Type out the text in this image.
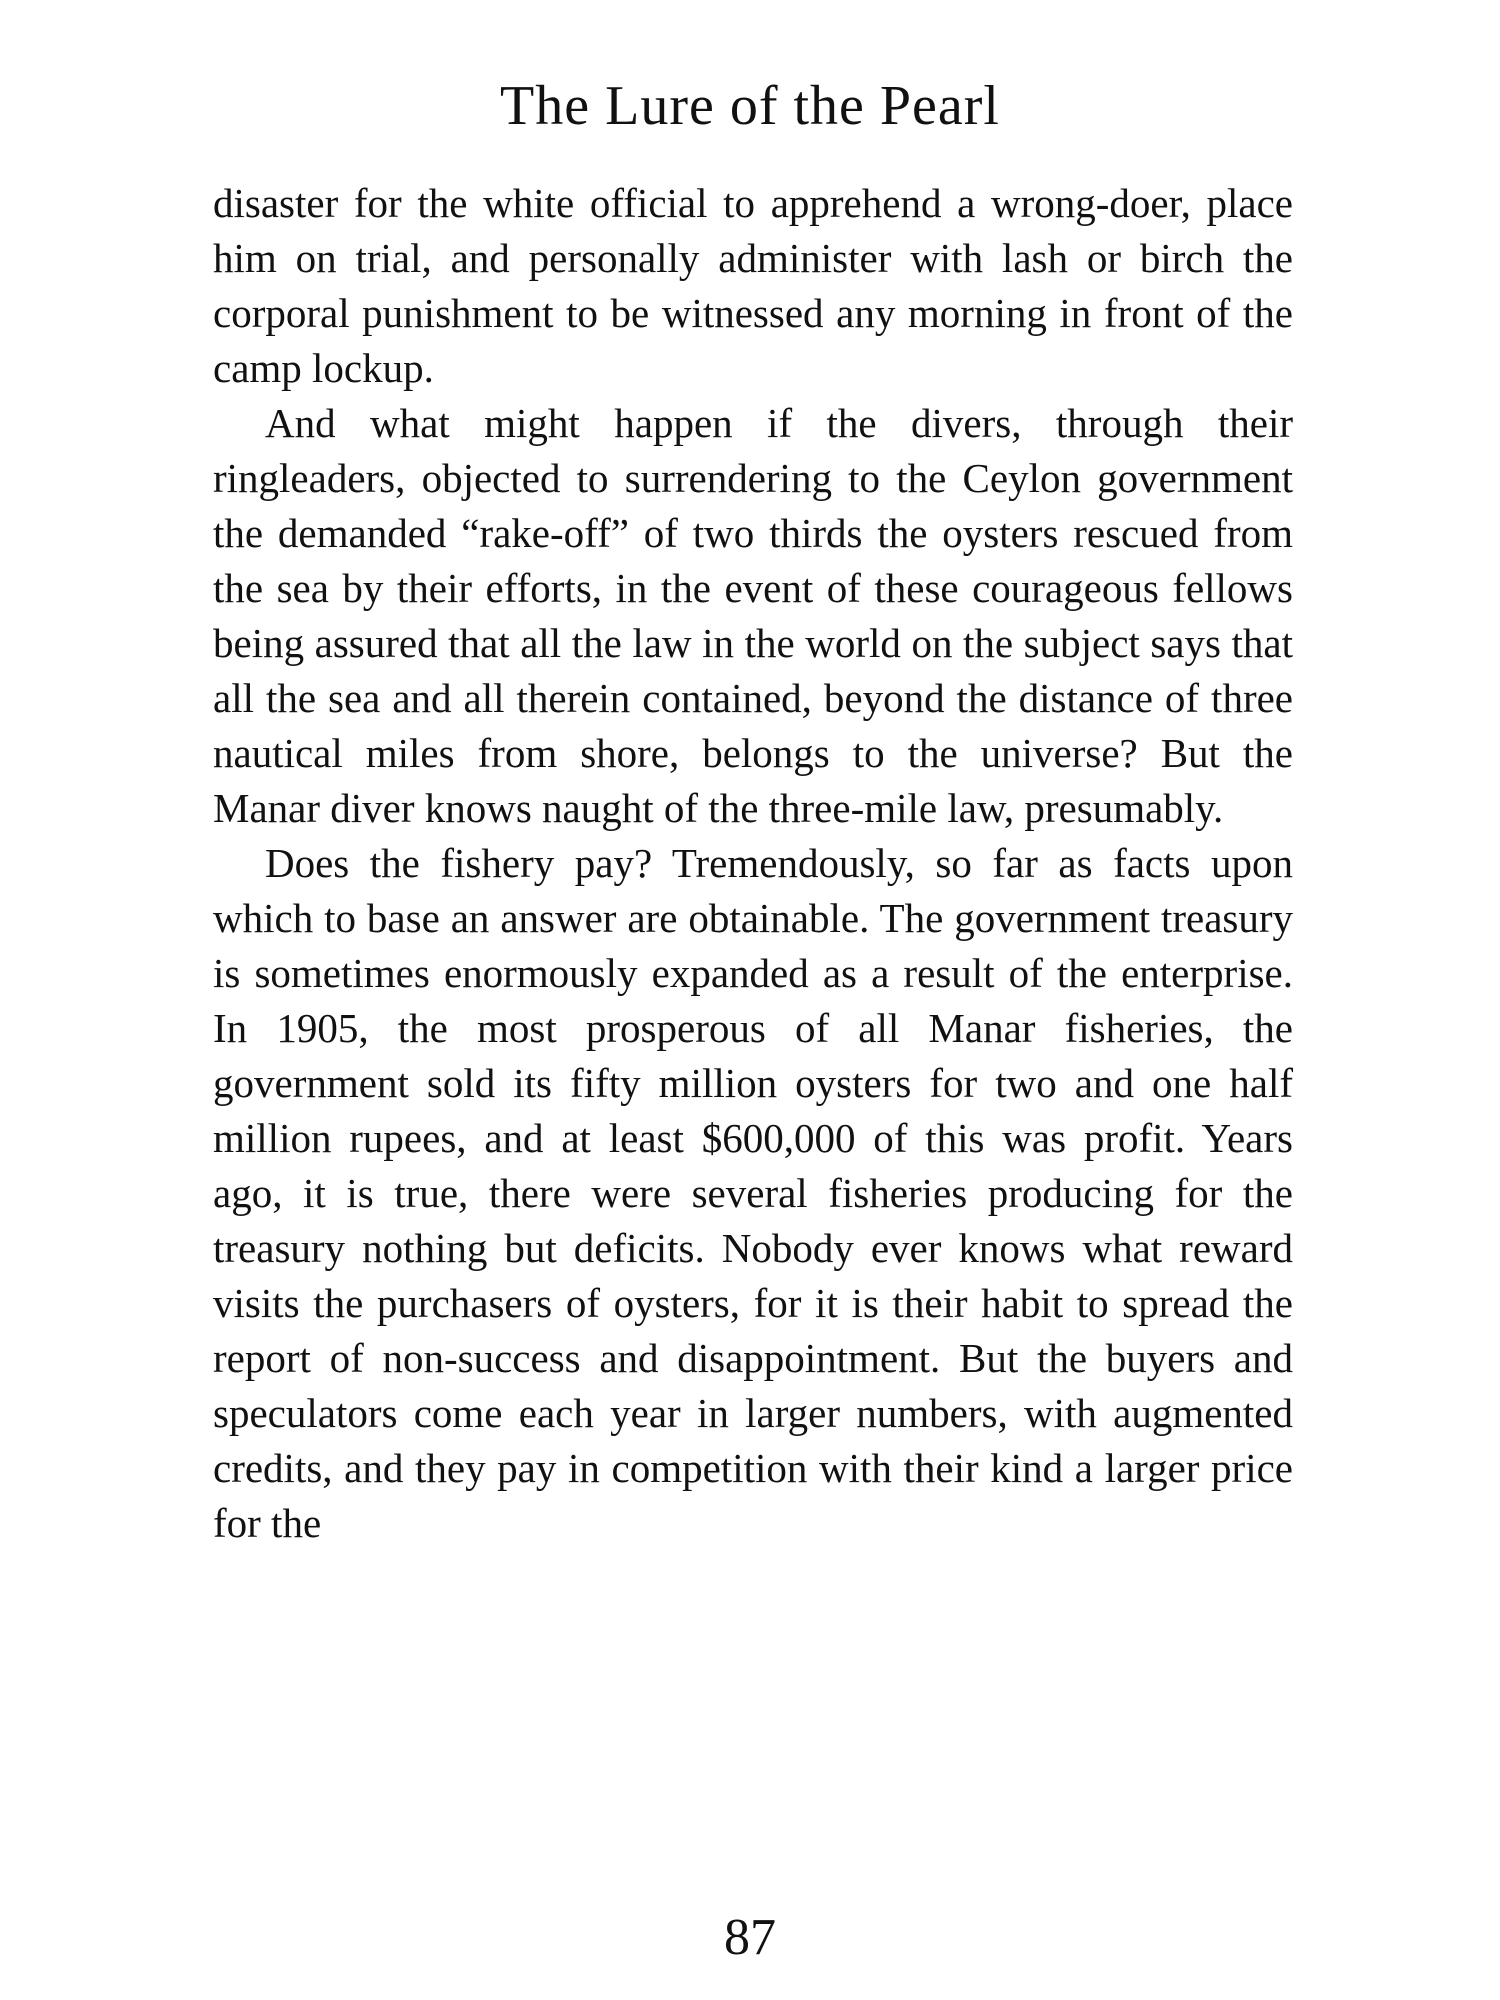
The Lure of the Pearl

disaster for the white official to apprehend a wrong-doer, place him on trial, and personally administer with lash or birch the corporal punishment to be witnessed any morning in front of the camp lockup.

And what might happen if the divers, through their ringleaders, objected to surrendering to the Ceylon government the demanded “rake-off” of two thirds the oysters rescued from the sea by their efforts, in the event of these courageous fellows being assured that all the law in the world on the subject says that all the sea and all therein contained, beyond the distance of three nautical miles from shore, belongs to the universe? But the Manar diver knows naught of the three-mile law, presumably.

Does the fishery pay? Tremendously, so far as facts upon which to base an answer are obtainable. The government treasury is sometimes enormously expanded as a result of the enterprise. In 1905, the most prosperous of all Manar fisheries, the government sold its fifty million oysters for two and one half million rupees, and at least $600,000 of this was profit. Years ago, it is true, there were several fisheries producing for the treasury nothing but deficits. Nobody ever knows what reward visits the purchasers of oysters, for it is their habit to spread the report of non-success and disappointment. But the buyers and speculators come each year in larger numbers, with augmented credits, and they pay in competition with their kind a larger price for the

87
